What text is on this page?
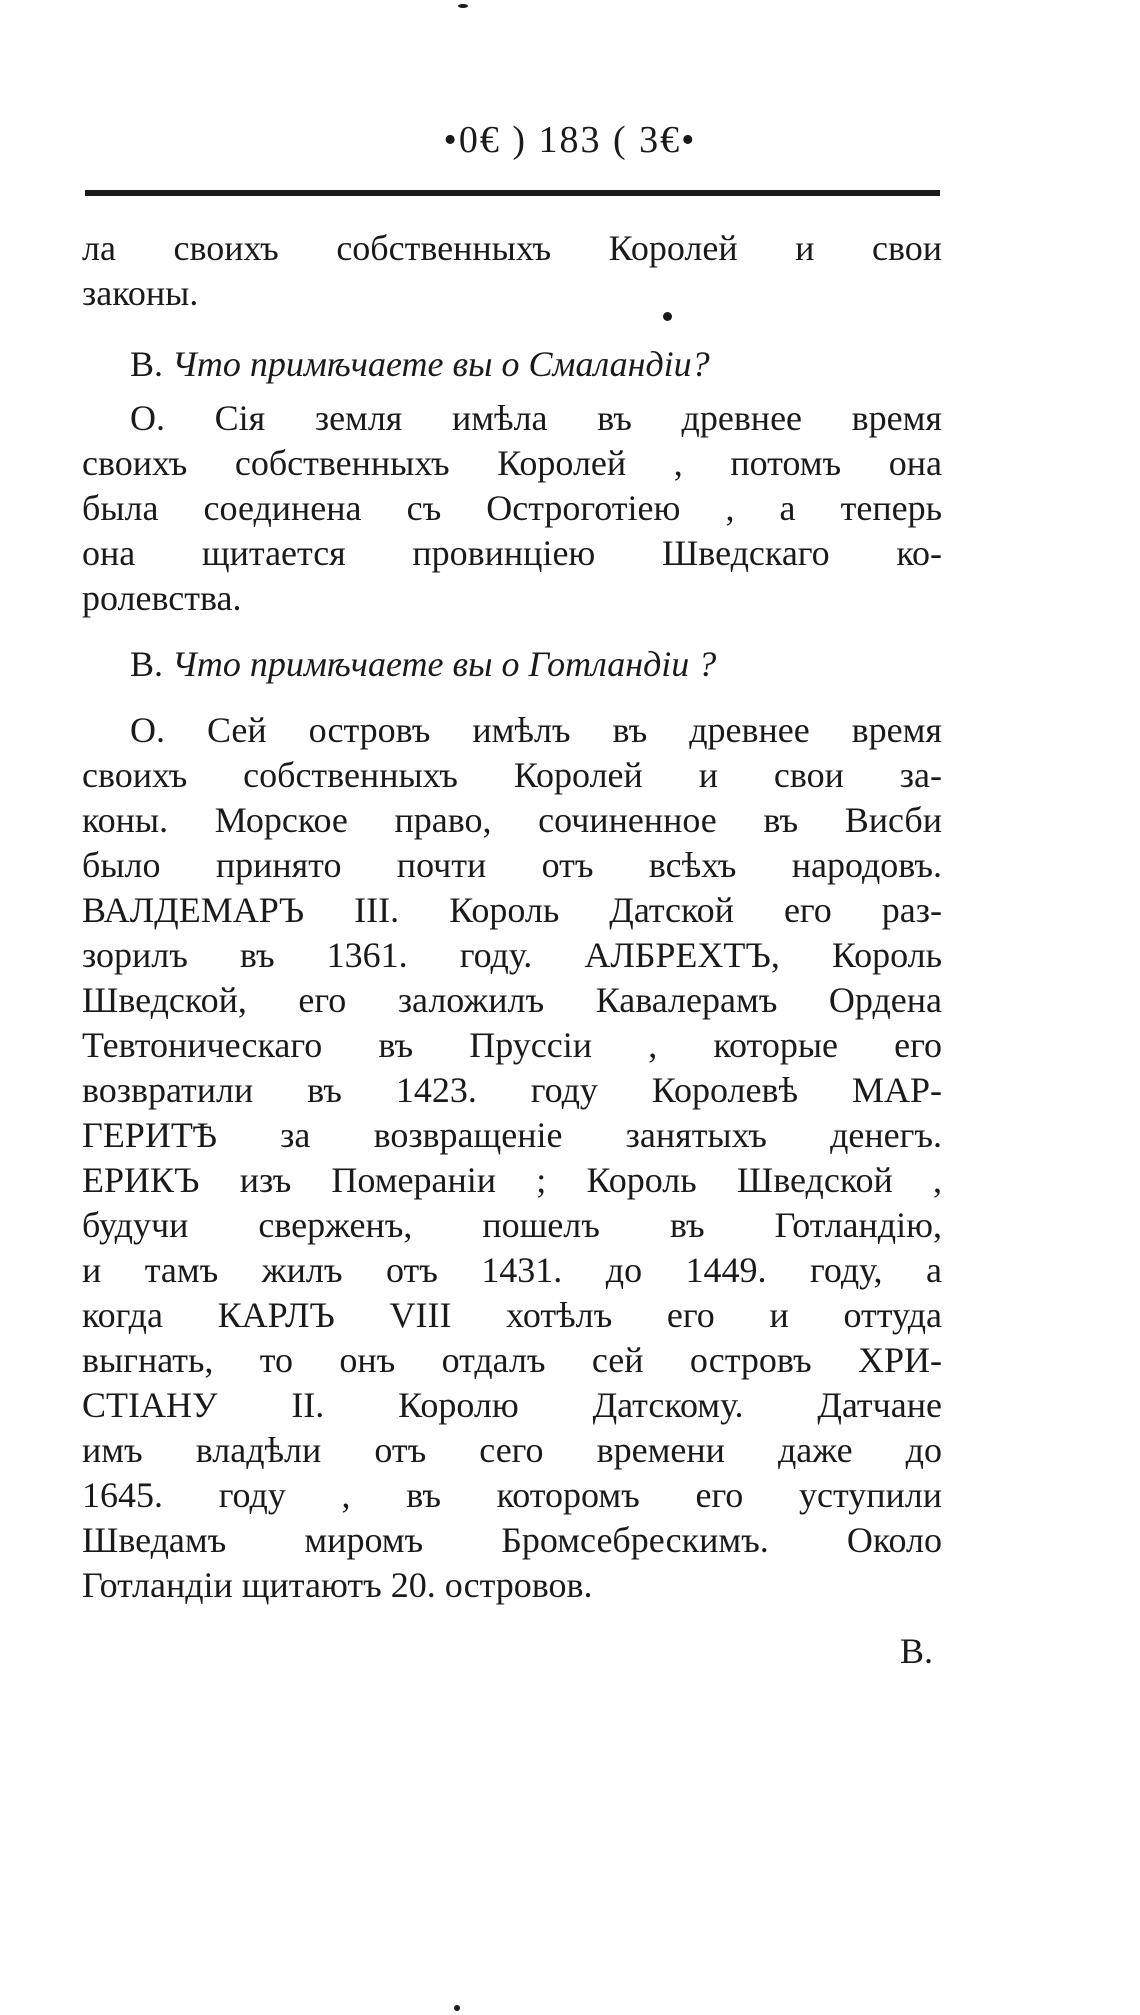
•0€ ) 183 ( 3€•
ла своихъ собственныхъ Королей и свои
законы.
В. Что примѣчаете вы о Смаландіи?
О. Сія земля имѣла въ древнее время
своихъ собственныхъ Королей , потомъ она
была соединена съ Остроготіею , а теперь
она щитается провинціею Шведскаго ко-
ролевства.
В. Что примѣчаете вы о Готландіи ?
О. Сей островъ имѣлъ въ древнее время
своихъ собственныхъ Королей и свои за-
коны. Морское право, сочиненное въ Висби
было принято почти отъ всѣхъ народовъ.
ВАЛДЕМАРЪ III. Король Датской его раз-
зорилъ въ 1361. году. АЛБРЕХТЪ, Король
Шведской, его заложилъ Кавалерамъ Ордена
Тевтоническаго въ Пруссіи , которые его
возвратили въ 1423. году Королевѣ МАР-
ГЕРИТѢ за возвращеніе занятыхъ денегъ.
ЕРИКЪ изъ Померанiи ; Король Шведской ,
будучи сверженъ, пошелъ въ Готландію,
и тамъ жилъ отъ 1431. до 1449. году, а
когда КАРЛЪ VIII хотѣлъ его и оттуда
выгнать, то онъ отдалъ сей островъ ХРИ-
СТІАНУ II. Королю Датскому. Датчане
имъ владѣли отъ сего времени даже до
1645. году , въ которомъ его уступили
Шведамъ миромъ Бромсебрескимъ. Около
Готландіи щитаютъ 20. островов.
В.
